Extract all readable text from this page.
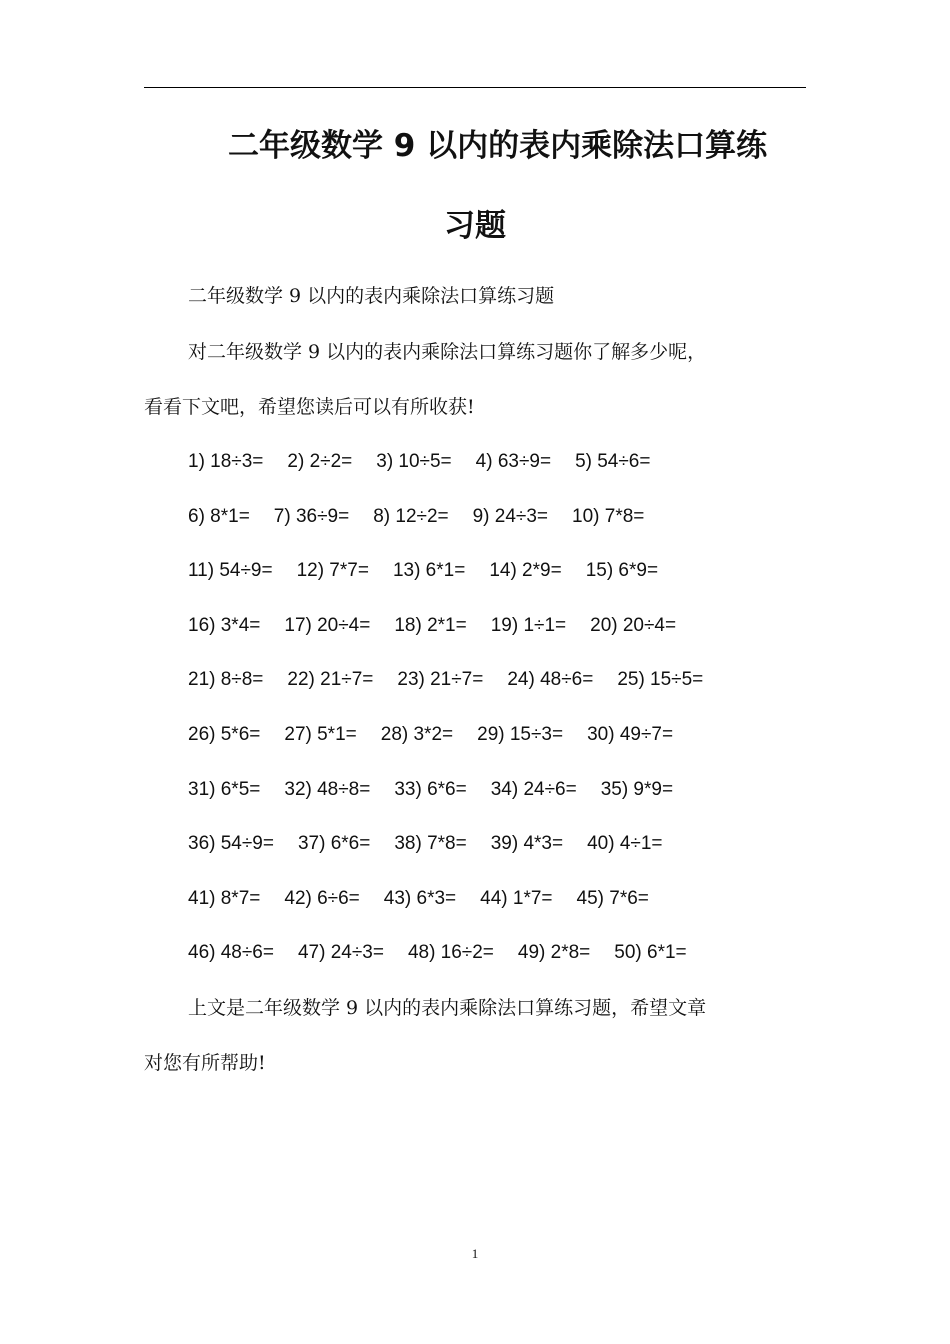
二年级数学 9 以内的表内乘除法口算练
习题

二年级数学 9 以内的表内乘除法口算练习题

对二年级数学 9 以内的表内乘除法口算练习题你了解多少呢，

看看下文吧，希望您读后可以有所收获!

1) 18÷3= 2) 2÷2= 3) 10÷5= 4) 63÷9= 5) 54÷6=
6) 8*1= 7) 36÷9= 8) 12÷2= 9) 24÷3= 10) 7*8=
11) 54÷9= 12) 7*7= 13) 6*1= 14) 2*9= 15) 6*9=
16) 3*4= 17) 20÷4= 18) 2*1= 19) 1÷1= 20) 20÷4=
21) 8÷8= 22) 21÷7= 23) 21÷7= 24) 48÷6= 25) 15÷5=
26) 5*6= 27) 5*1= 28) 3*2= 29) 15÷3= 30) 49÷7=
31) 6*5= 32) 48÷8= 33) 6*6= 34) 24÷6= 35) 9*9=
36) 54÷9= 37) 6*6= 38) 7*8= 39) 4*3= 40) 4÷1=
41) 8*7= 42) 6÷6= 43) 6*3= 44) 1*7= 45) 7*6=
46) 48÷6= 47) 24÷3= 48) 16÷2= 49) 2*8= 50) 6*1=

上文是二年级数学 9 以内的表内乘除法口算练习题，希望文章

对您有所帮助!

1
